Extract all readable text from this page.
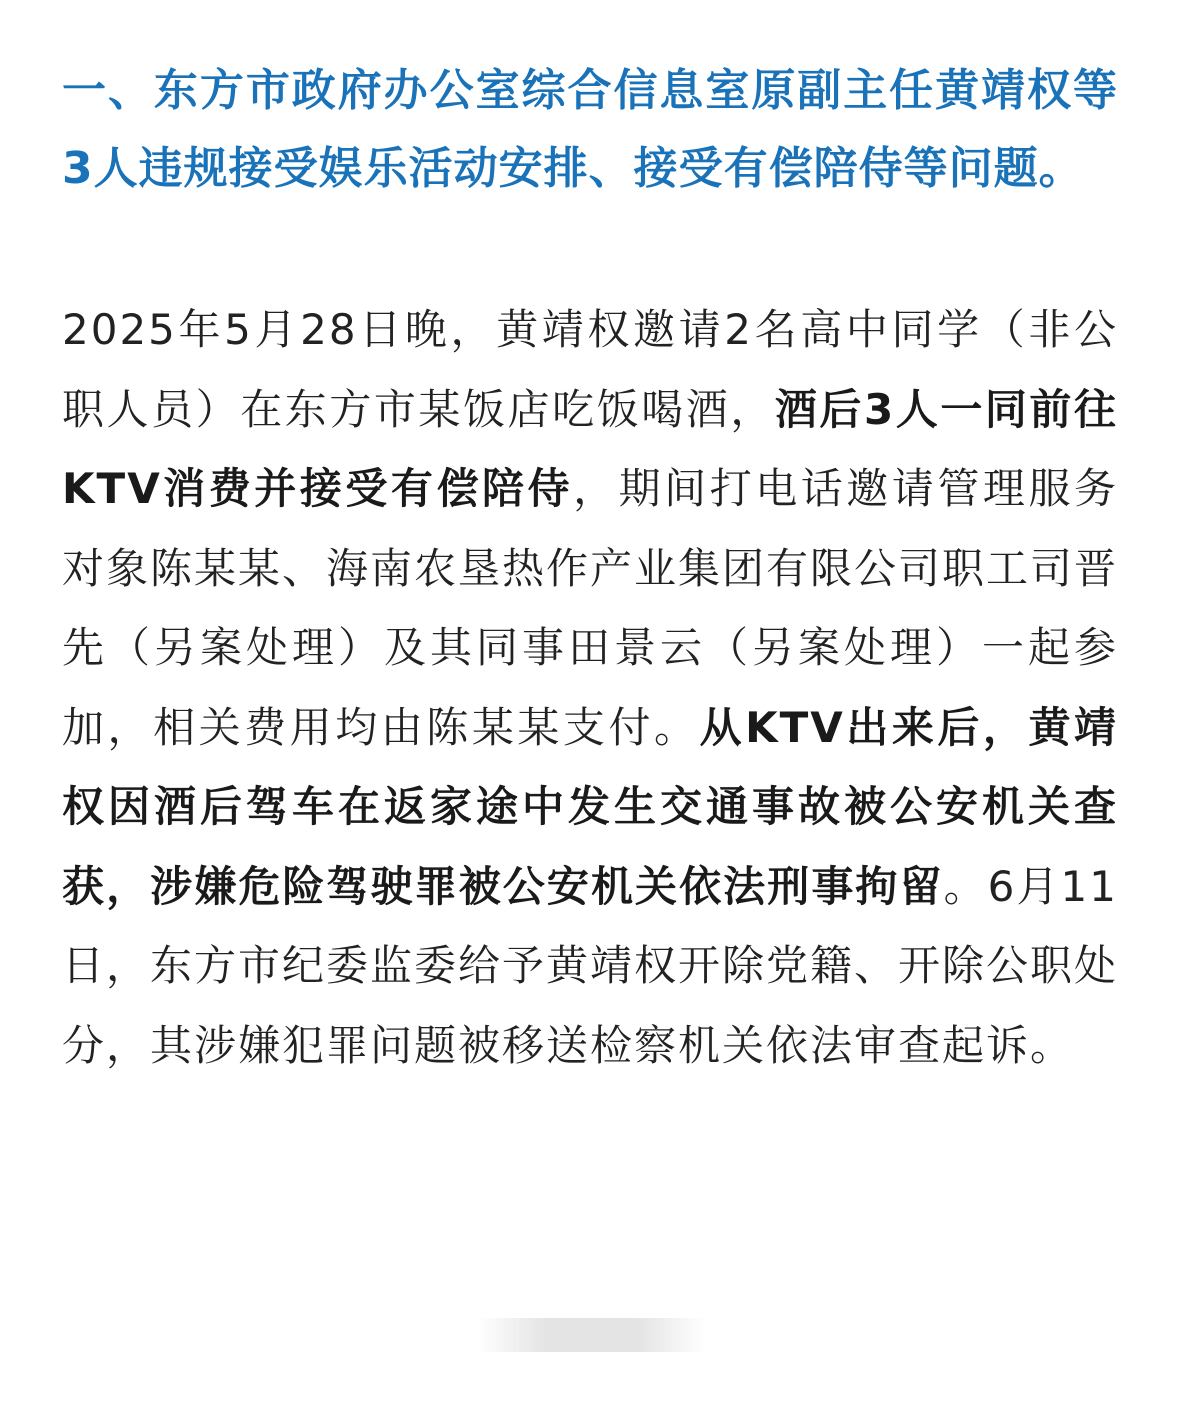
一、东方市政府办公室综合信息室原副主任黄靖权等3人违规接受娱乐活动安排、接受有偿陪侍等问题。

2025年5月28日晚，黄靖权邀请2名高中同学（非公职人员）在东方市某饭店吃饭喝酒，酒后3人一同前往KTV消费并接受有偿陪侍，期间打电话邀请管理服务对象陈某某、海南农垦热作产业集团有限公司职工司晋先（另案处理）及其同事田景云（另案处理）一起参加，相关费用均由陈某某支付。从KTV出来后，黄靖权因酒后驾车在返家途中发生交通事故被公安机关查获，涉嫌危险驾驶罪被公安机关依法刑事拘留。6月11日，东方市纪委监委给予黄靖权开除党籍、开除公职处分，其涉嫌犯罪问题被移送检察机关依法审查起诉。
